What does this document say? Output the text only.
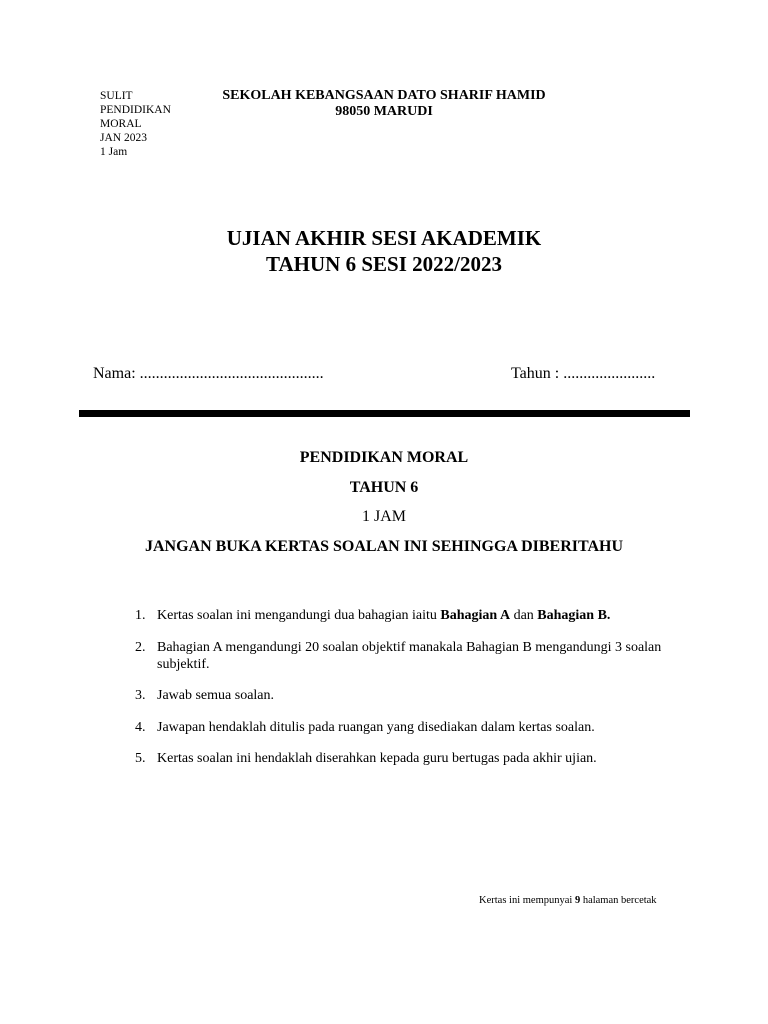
SULIT
PENDIDIKAN
MORAL
JAN 2023
1 Jam
SEKOLAH KEBANGSAAN DATO SHARIF HAMID
98050 MARUDI
UJIAN AKHIR SESI AKADEMIK
TAHUN 6 SESI 2022/2023
Nama: ..............................................	Tahun : .......................
PENDIDIKAN MORAL
TAHUN 6
1 JAM
JANGAN BUKA KERTAS SOALAN INI SEHINGGA DIBERITAHU
1. Kertas soalan ini mengandungi dua bahagian iaitu Bahagian A dan Bahagian B.
2. Bahagian A mengandungi 20 soalan objektif manakala Bahagian B mengandungi 3 soalan subjektif.
3. Jawab semua soalan.
4. Jawapan hendaklah ditulis pada ruangan yang disediakan dalam kertas soalan.
5. Kertas soalan ini hendaklah diserahkan kepada guru bertugas pada akhir ujian.
Kertas ini mempunyai 9 halaman bercetak
